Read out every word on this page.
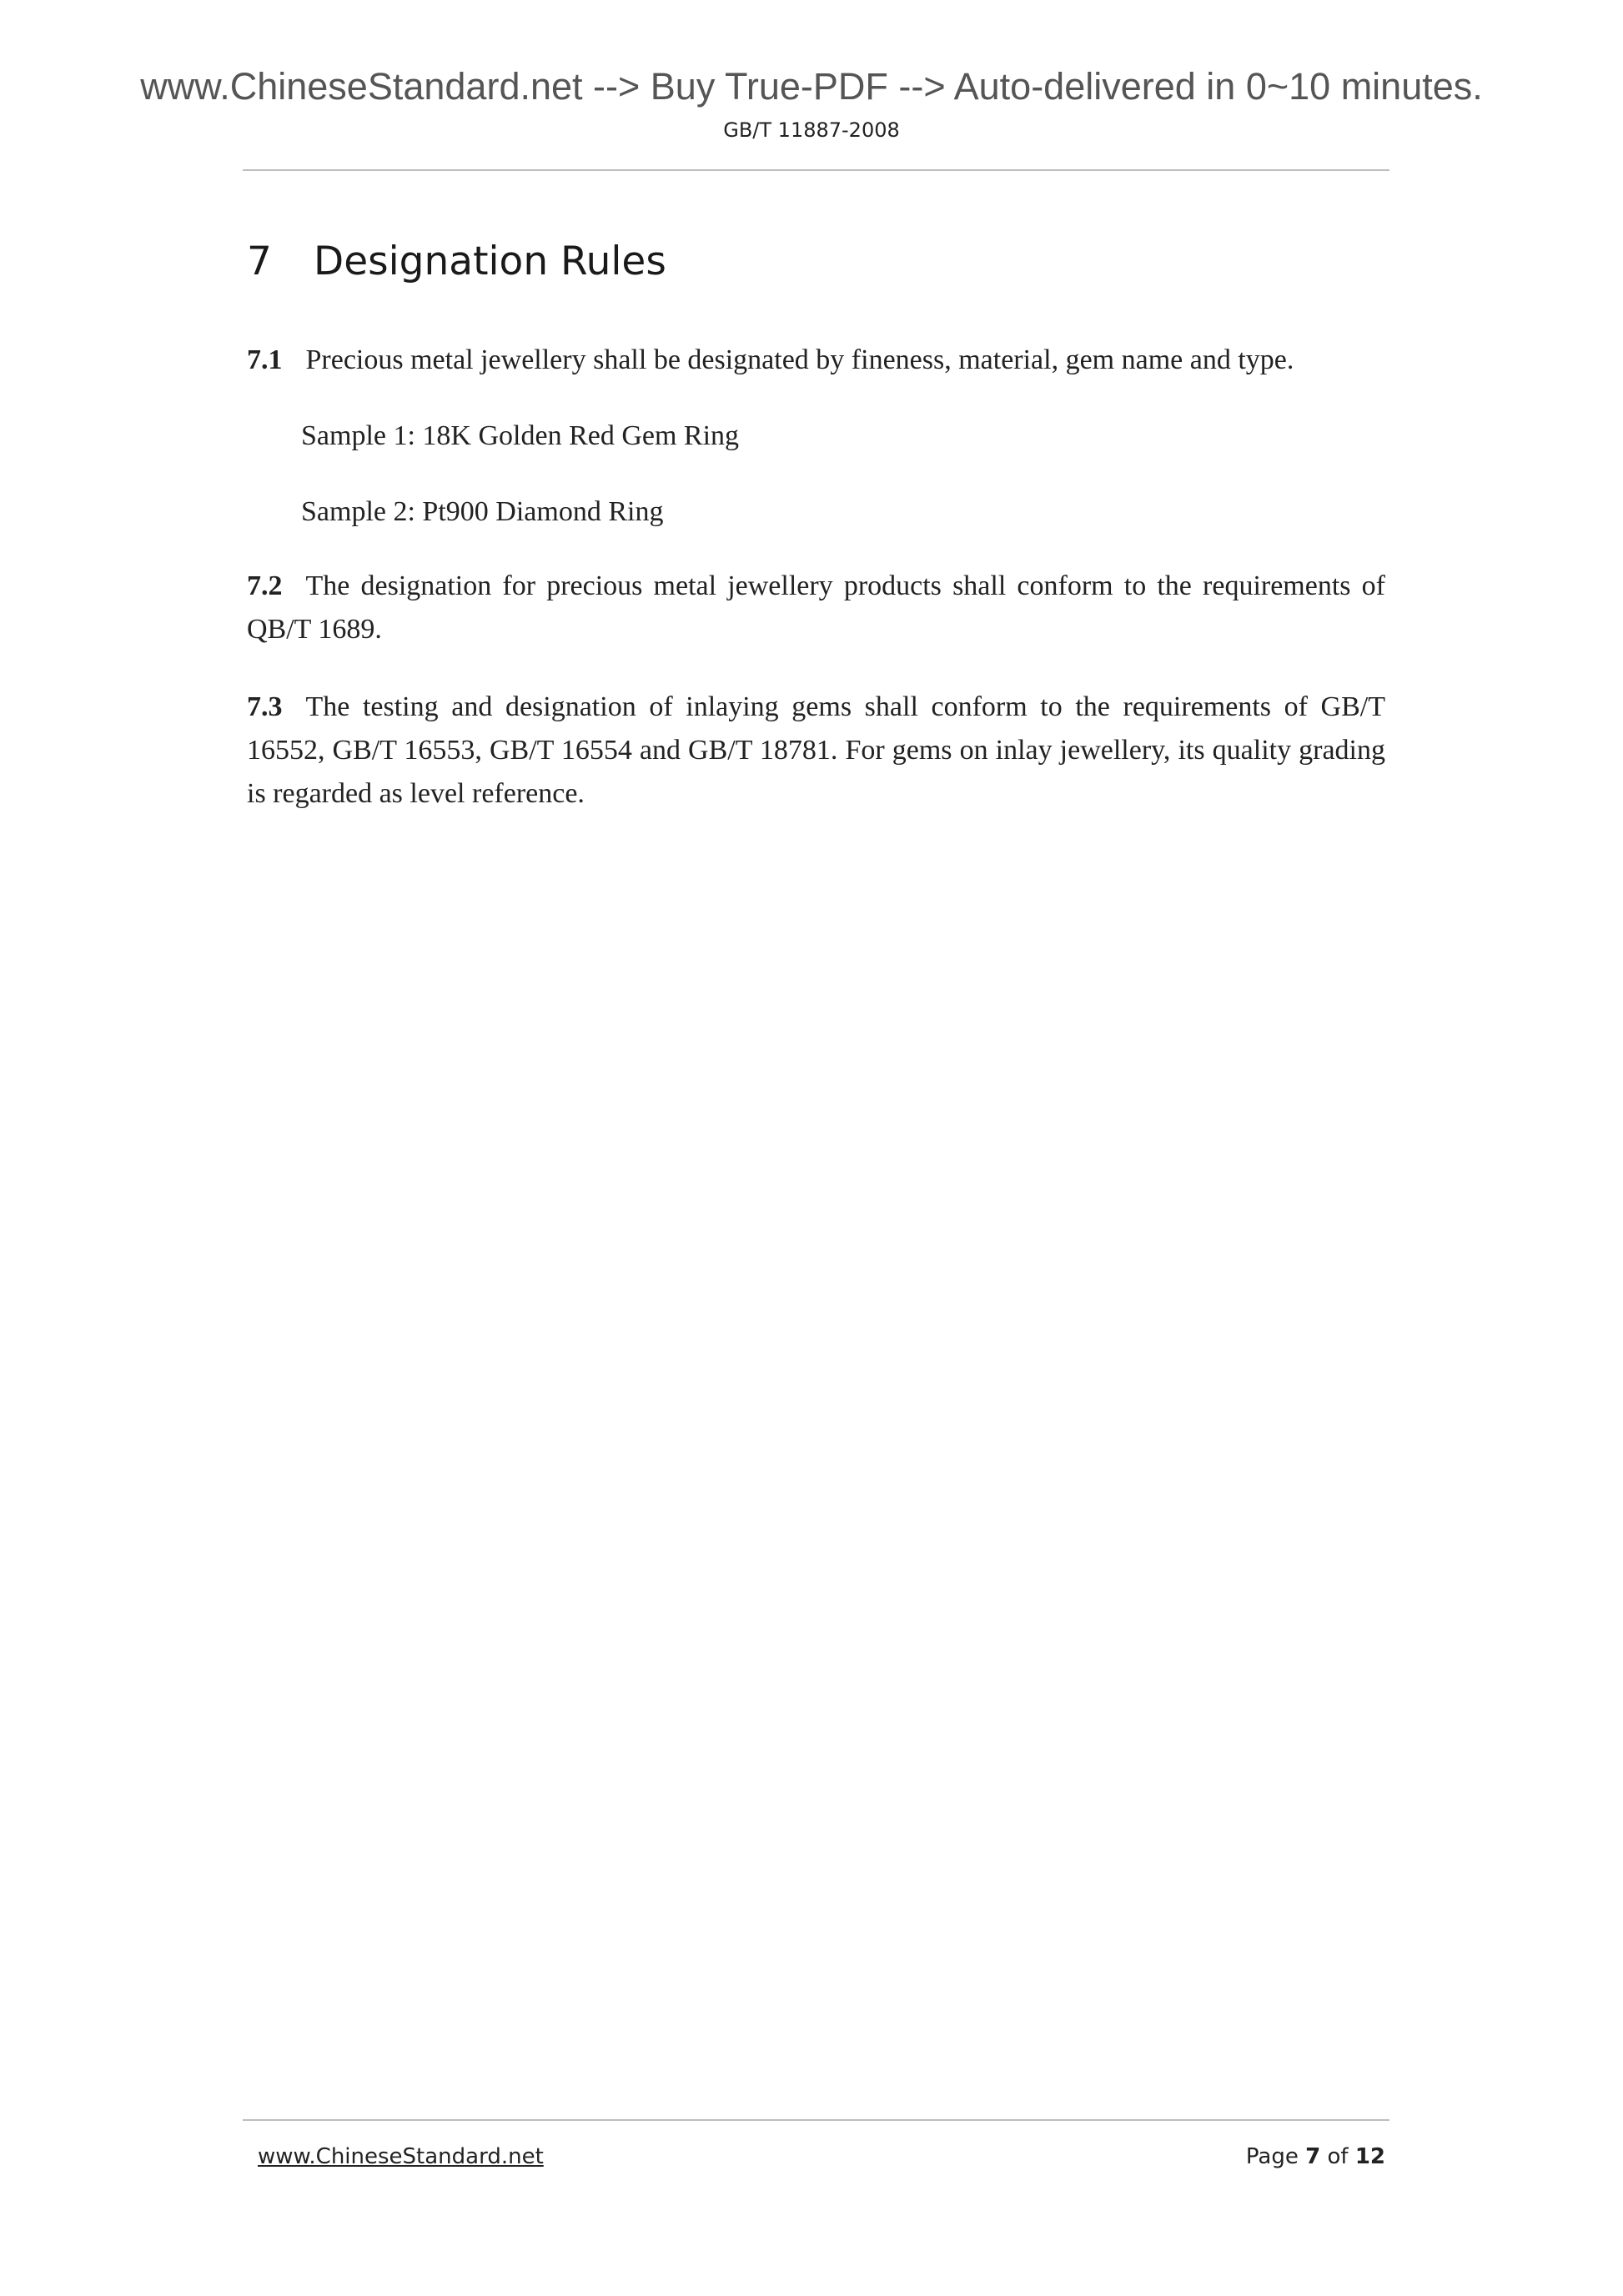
www.ChineseStandard.net --> Buy True-PDF --> Auto-delivered in 0~10 minutes.
GB/T 11887-2008
7 Designation Rules
7.1 Precious metal jewellery shall be designated by fineness, material, gem name and type.
Sample 1: 18K Golden Red Gem Ring
Sample 2: Pt900 Diamond Ring
7.2 The designation for precious metal jewellery products shall conform to the requirements of QB/T 1689.
7.3 The testing and designation of inlaying gems shall conform to the requirements of GB/T 16552, GB/T 16553, GB/T 16554 and GB/T 18781. For gems on inlay jewellery, its quality grading is regarded as level reference.
www.ChineseStandard.net	Page 7 of 12
